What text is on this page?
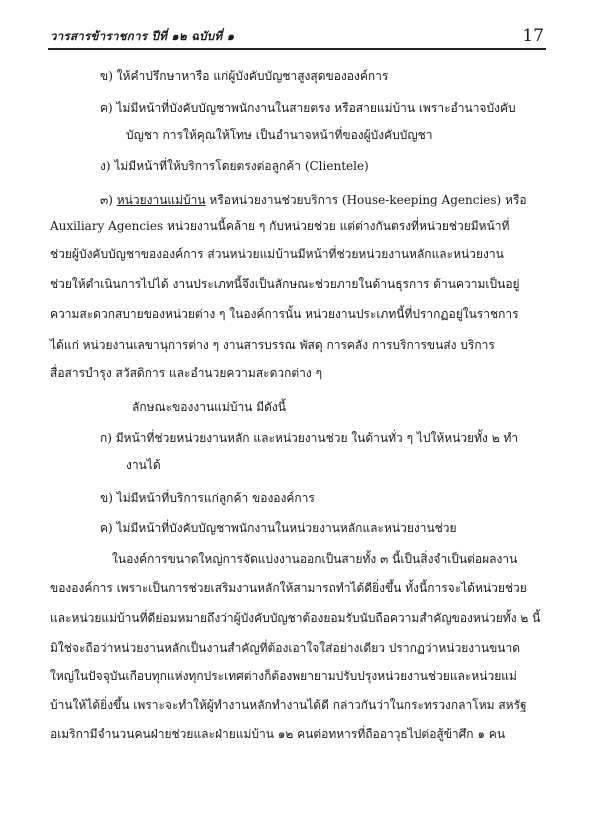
วารสารข้าราชการ ปีที่ ๑๒ ฉบับที่ ๑	17
ข) ให้คำปรึกษาหารือ แก่ผู้บังคับบัญชาสูงสุดขององค์การ
ค) ไม่มีหน้าที่บังคับบัญชาพนักงานในสายตรง หรือสายแม่บ้าน เพราะอำนาจบังคับ
บัญชา การให้คุณให้โทษ เป็นอำนาจหน้าที่ของผู้บังคับบัญชา
ง) ไม่มีหน้าที่ให้บริการโดยตรงต่อลูกค้า (Clientele)
๓) หน่วยงานแม่บ้าน หรือหน่วยงานช่วยบริการ (House-keeping Agencies) หรือ
Auxiliary Agencies หน่วยงานนี้คล้าย ๆ กับหน่วยช่วย แต่ต่างกันตรงที่หน่วยช่วยมีหน้าที่
ช่วยผู้บังคับบัญชาขององค์การ ส่วนหน่วยแม่บ้านมีหน้าที่ช่วยหน่วยงานหลักและหน่วยงาน
ช่วยให้ดำเนินการไปได้ งานประเภทนี้จึงเป็นลักษณะช่วยภายในด้านธุรการ ด้านความเป็นอยู่
ความสะดวกสบายของหน่วยต่าง ๆ ในองค์การนั้น หน่วยงานประเภทนี้ที่ปรากฏอยู่ในราชการ
ได้แก่ หน่วยงานเลขานุการต่าง ๆ งานสารบรรณ พัสดุ การคลัง การบริการขนส่ง บริการ
สื่อสารบำรุง สวัสดิการ และอำนวยความสะดวกต่าง ๆ
ลักษณะของงานแม่บ้าน มีดังนี้
ก) มีหน้าที่ช่วยหน่วยงานหลัก และหน่วยงานช่วย ในด้านทั่ว ๆ ไปให้หน่วยทั้ง ๒ ทำ
งานได้
ข) ไม่มีหน้าที่บริการแก่ลูกค้า ขององค์การ
ค) ไม่มีหน้าที่บังคับบัญชาพนักงานในหน่วยงานหลักและหน่วยงานช่วย
ในองค์การขนาดใหญ่การจัดแบ่งงานออกเป็นสายทั้ง ๓ นี้เป็นสิ่งจำเป็นต่อผลงาน
ขององค์การ เพราะเป็นการช่วยเสริมงานหลักให้สามารถทำได้ดียิ่งขึ้น ทั้งนี้การจะได้หน่วยช่วย
และหน่วยแม่บ้านที่ดีย่อมหมายถึงว่าผู้บังคับบัญชาต้องยอมรับนับถือความสำคัญของหน่วยทั้ง ๒ นี้
มิใช่จะถือว่าหน่วยงานหลักเป็นงานสำคัญที่ต้องเอาใจใส่อย่างเดียว ปรากฏว่าหน่วยงานขนาด
ใหญ่ในปัจจุบันเกือบทุกแห่งทุกประเทศต่างก็ต้องพยายามปรับปรุงหน่วยงานช่วยและหน่วยแม่
บ้านให้ได้ยิ่งขึ้น เพราะจะทำให้ผู้ทำงานหลักทำงานได้ดี กล่าวกันว่าในกระทรวงกลาโหม สหรัฐ
อเมริกามีจำนวนคนฝ่ายช่วยและฝ่ายแม่บ้าน ๑๒ คนต่อทหารที่ถืออาวุธไปต่อสู้ข้าศึก ๑ คน
